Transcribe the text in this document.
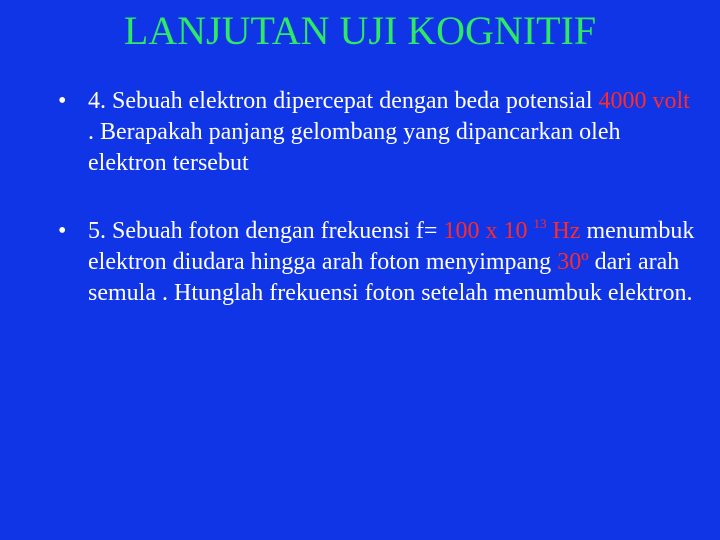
LANJUTAN UJI KOGNITIF
• 4. Sebuah elektron dipercepat dengan beda potensial 4000 volt . Berapakah panjang gelombang yang dipancarkan oleh elektron tersebut
• 5. Sebuah foton dengan frekuensi f= 100 x 10 $^{13}$ Hz menumbuk elektron diudara hingga arah foton menyimpang 30º dari arah semula . Htunglah frekuensi foton setelah menumbuk elektron.
